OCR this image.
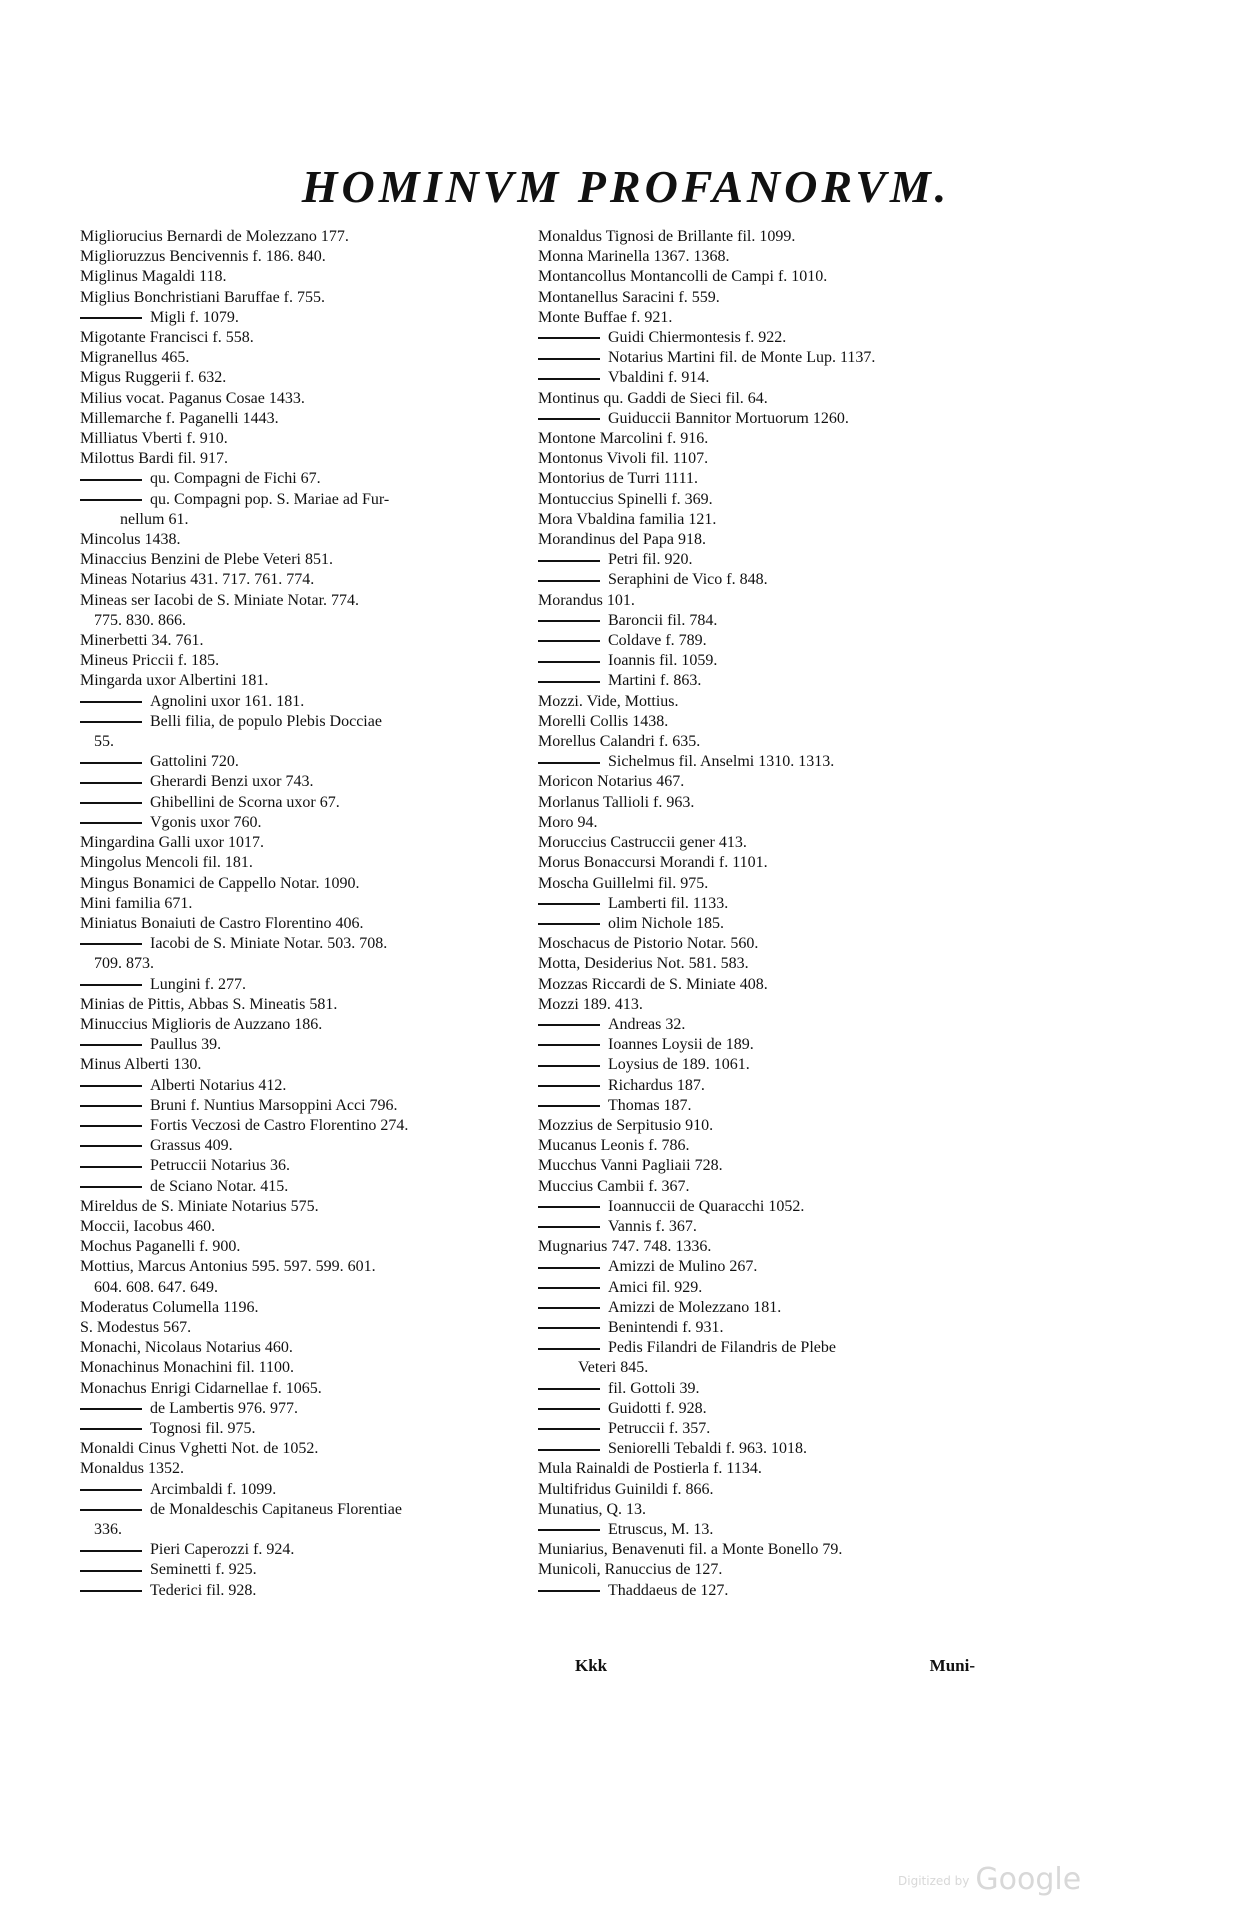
HOMINVM PROFANORVM.
Migliorucius Bernardi de Molezzano 177.
Miglioruzzus Bencivennis f. 186. 840.
Miglinus Magaldi 118.
Miglius Bonchristiani Baruffae f. 755.
Migli f. 1079.
Migotante Francisci f. 558.
Migranellus 465.
Migus Ruggerii f. 632.
Milius vocat. Paganus Cosae 1433.
Millemarche f. Paganelli 1443.
Milliatus Vberti f. 910.
Milottus Bardi fil. 917.
qu. Compagni de Fichi 67.
qu. Compagni pop. S. Mariae ad Fur-
nellum 61.
Mincolus 1438.
Minaccius Benzini de Plebe Veteri 851.
Mineas Notarius 431. 717. 761. 774.
Mineas ser Iacobi de S. Miniate Notar. 774.
775. 830. 866.
Minerbetti 34. 761.
Mineus Priccii f. 185.
Mingarda uxor Albertini 181.
Agnolini uxor 161. 181.
Belli filia, de populo Plebis Docciae
55.
Gattolini 720.
Gherardi Benzi uxor 743.
Ghibellini de Scorna uxor 67.
Vgonis uxor 760.
Mingardina Galli uxor 1017.
Mingolus Mencoli fil. 181.
Mingus Bonamici de Cappello Notar. 1090.
Mini familia 671.
Miniatus Bonaiuti de Castro Florentino 406.
Iacobi de S. Miniate Notar. 503. 708.
709. 873.
Lungini f. 277.
Minias de Pittis, Abbas S. Mineatis 581.
Minuccius Miglioris de Auzzano 186.
Paullus 39.
Minus Alberti 130.
Alberti Notarius 412.
Bruni f. Nuntius Marsoppini Acci 796.
Fortis Veczosi de Castro Florentino 274.
Grassus 409.
Petruccii Notarius 36.
de Sciano Notar. 415.
Mireldus de S. Miniate Notarius 575.
Moccii, Iacobus 460.
Mochus Paganelli f. 900.
Mottius, Marcus Antonius 595. 597. 599. 601.
604. 608. 647. 649.
Moderatus Columella 1196.
S. Modestus 567.
Monachi, Nicolaus Notarius 460.
Monachinus Monachini fil. 1100.
Monachus Enrigi Cidarnellae f. 1065.
de Lambertis 976. 977.
Tognosi fil. 975.
Monaldi Cinus Vghetti Not. de 1052.
Monaldus 1352.
Arcimbaldi f. 1099.
de Monaldeschis Capitaneus Florentiae
336.
Pieri Caperozzi f. 924.
Seminetti f. 925.
Tederici fil. 928.
Monaldus Tignosi de Brillante fil. 1099.
Monna Marinella 1367. 1368.
Montancollus Montancolli de Campi f. 1010.
Montanellus Saracini f. 559.
Monte Buffae f. 921.
Guidi Chiermontesis f. 922.
Notarius Martini fil. de Monte Lup. 1137.
Vbaldini f. 914.
Montinus qu. Gaddi de Sieci fil. 64.
Guiduccii Bannitor Mortuorum 1260.
Montone Marcolini f. 916.
Montonus Vivoli fil. 1107.
Montorius de Turri 1111.
Montuccius Spinelli f. 369.
Mora Vbaldina familia 121.
Morandinus del Papa 918.
Petri fil. 920.
Seraphini de Vico f. 848.
Morandus 101.
Baroncii fil. 784.
Coldave f. 789.
Ioannis fil. 1059.
Martini f. 863.
Mozzi. Vide, Mottius.
Morelli Collis 1438.
Morellus Calandri f. 635.
Sichelmus fil. Anselmi 1310. 1313.
Moricon Notarius 467.
Morlanus Tallioli f. 963.
Moro 94.
Moruccius Castruccii gener 413.
Morus Bonaccursi Morandi f. 1101.
Moscha Guillelmi fil. 975.
Lamberti fil. 1133.
olim Nichole 185.
Moschacus de Pistorio Notar. 560.
Motta, Desiderius Not. 581. 583.
Mozzas Riccardi de S. Miniate 408.
Mozzi 189. 413.
Andreas 32.
Ioannes Loysii de 189.
Loysius de 189. 1061.
Richardus 187.
Thomas 187.
Mozzius de Serpitusio 910.
Mucanus Leonis f. 786.
Mucchus Vanni Pagliaii 728.
Muccius Cambii f. 367.
Ioannuccii de Quaracchi 1052.
Vannis f. 367.
Mugnarius 747. 748. 1336.
Amizzi de Mulino 267.
Amici fil. 929.
Amizzi de Molezzano 181.
Benintendi f. 931.
Pedis Filandri de Filandris de Plebe
Veteri 845.
fil. Gottoli 39.
Guidotti f. 928.
Petruccii f. 357.
Seniorelli Tebaldi f. 963. 1018.
Mula Rainaldi de Postierla f. 1134.
Multifridus Guinildi f. 866.
Munatius, Q. 13.
Etruscus, M. 13.
Muniarius, Benavenuti fil. a Monte Bonello 79.
Municoli, Ranuccius de 127.
Thaddaeus de 127.
Kkk	Muni-
Digitized by Google
